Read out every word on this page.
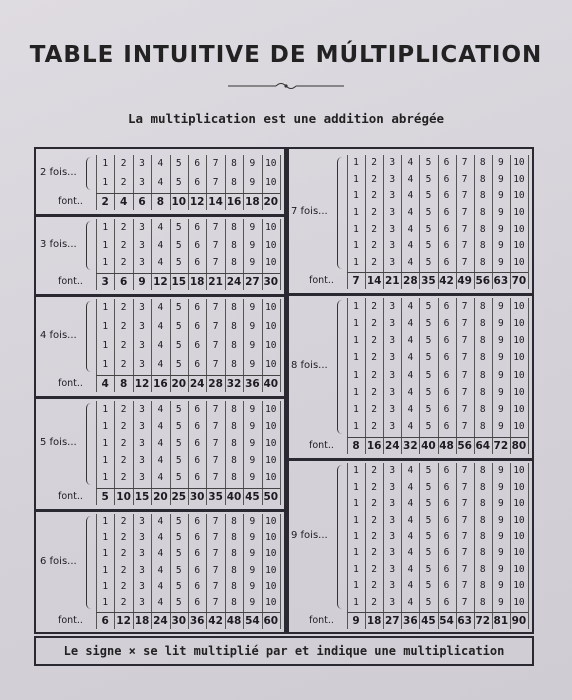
TABLE INTUITIVE DE MÚLTIPLICATION
La multiplication est une addition abrégée
Le signe × se lit multiplié par et indique une multiplication
2 fois...
1	2	3	4	5	6	7	8	9	10
1	2	3	4	5	6	7	8	9	10
font..	2	4	6	8 10 12 14 16 18 20
3 fois...
1	2	3	4	5	6	7	8	9	10
1	2	3	4	5	6	7	8	9	10
1	2	3	4	5	6	7	8	9	10
font..	3	6	9 12 15 18 21 24 27 30
4 fois...
1	2	3	4	5	6	7	8	9	10
1	2	3	4	5	6	7	8	9	10
1	2	3	4	5	6	7	8	9	10
1	2	3	4	5	6	7	8	9	10
font..	4	8 12 16 20 24 28 32 36 40
5 fois...
1	2	3	4	5	6	7	8	9	10
1	2	3	4	5	6	7	8	9	10
1	2	3	4	5	6	7	8	9	10
1	2	3	4	5	6	7	8	9	10
1	2	3	4	5	6	7	8	9	10
font..	5 10 15 20 25 30 35 40 45 50
6 fois...
1	2	3	4	5	6	7	8	9	10
1	2	3	4	5	6	7	8	9	10
1	2	3	4	5	6	7	8	9	10
1	2	3	4	5	6	7	8	9	10
1	2	3	4	5	6	7	8	9	10
1	2	3	4	5	6	7	8	9	10
font..	6 12 18 24 30 36 42 48 54 60
7 fois...
1	2	3	4	5	6	7	8	9	10
1	2	3	4	5	6	7	8	9	10
1	2	3	4	5	6	7	8	9	10
1	2	3	4	5	6	7	8	9	10
1	2	3	4	5	6	7	8	9	10
1	2	3	4	5	6	7	8	9	10
1	2	3	4	5	6	7	8	9	10
font..	7 14 21 28 35 42 49 56 63 70
8 fois...
1	2	3	4	5	6	7	8	9	10
1	2	3	4	5	6	7	8	9	10
1	2	3	4	5	6	7	8	9	10
1	2	3	4	5	6	7	8	9	10
1	2	3	4	5	6	7	8	9	10
1	2	3	4	5	6	7	8	9	10
1	2	3	4	5	6	7	8	9	10
1	2	3	4	5	6	7	8	9	10
font..	8 16 24 32 40 48 56 64 72 80
9 fois...
1	2	3	4	5	6	7	8	9	10
1	2	3	4	5	6	7	8	9	10
1	2	3	4	5	6	7	8	9	10
1	2	3	4	5	6	7	8	9	10
1	2	3	4	5	6	7	8	9	10
1	2	3	4	5	6	7	8	9	10
1	2	3	4	5	6	7	8	9	10
1	2	3	4	5	6	7	8	9	10
1	2	3	4	5	6	7	8	9	10
font..	9 18 27 36 45 54 63 72 81 90
